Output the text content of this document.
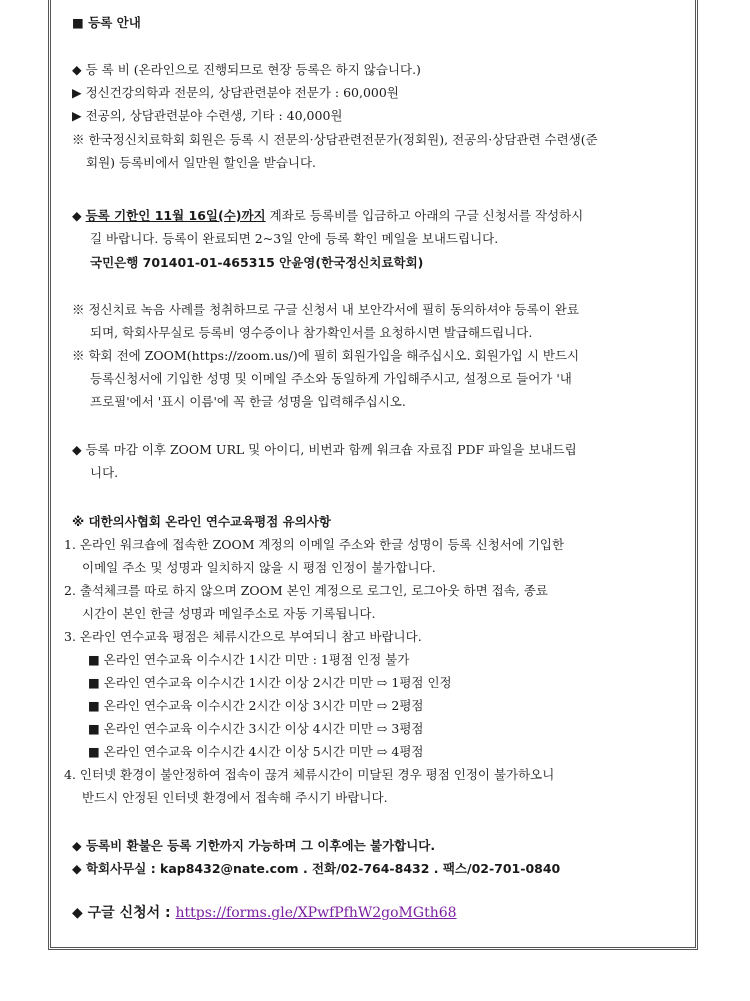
■ 등록 안내
◆ 등 록 비 (온라인으로 진행되므로 현장 등록은 하지 않습니다.)
▶ 정신건강의학과 전문의, 상담관련분야 전문가 : 60,000원
▶ 전공의, 상담관련분야 수련생, 기타 : 40,000원
※ 한국정신치료학회 회원은 등록 시 전문의·상담관련전문가(정회원), 전공의·상담관련 수련생(준
회원) 등록비에서 일만원 할인을 받습니다.
◆ 등록 기한인 11월 16일(수)까지 계좌로 등록비를 입금하고 아래의 구글 신청서를 작성하시
길 바랍니다. 등록이 완료되면 2~3일 안에 등록 확인 메일을 보내드립니다.
국민은행 701401-01-465315 안윤영(한국정신치료학회)
※ 정신치료 녹음 사례를 청취하므로 구글 신청서 내 보안각서에 필히 동의하셔야 등록이 완료
되며, 학회사무실로 등록비 영수증이나 참가확인서를 요청하시면 발급해드립니다.
※ 학회 전에 ZOOM(https://zoom.us/)에 필히 회원가입을 해주십시오. 회원가입 시 반드시
등록신청서에 기입한 성명 및 이메일 주소와 동일하게 가입해주시고, 설정으로 들어가 '내
프로필'에서 '표시 이름'에 꼭 한글 성명을 입력해주십시오.
◆ 등록 마감 이후 ZOOM URL 및 아이디, 비번과 함께 워크숍 자료집 PDF 파일을 보내드립
니다.
※ 대한의사협회 온라인 연수교육평점 유의사항
1. 온라인 워크숍에 접속한 ZOOM 계정의 이메일 주소와 한글 성명이 등록 신청서에 기입한
이메일 주소 및 성명과 일치하지 않을 시 평점 인정이 불가합니다.
2. 출석체크를 따로 하지 않으며 ZOOM 본인 계정으로 로그인, 로그아웃 하면 접속, 종료
시간이 본인 한글 성명과 메일주소로 자동 기록됩니다.
3. 온라인 연수교육 평점은 체류시간으로 부여되니 참고 바랍니다.
■ 온라인 연수교육 이수시간 1시간 미만 : 1평점 인정 불가
■ 온라인 연수교육 이수시간 1시간 이상 2시간 미만 ⇨ 1평점 인정
■ 온라인 연수교육 이수시간 2시간 이상 3시간 미만 ⇨ 2평점
■ 온라인 연수교육 이수시간 3시간 이상 4시간 미만 ⇨ 3평점
■ 온라인 연수교육 이수시간 4시간 이상 5시간 미만 ⇨ 4평점
4. 인터넷 환경이 불안정하여 접속이 끊겨 체류시간이 미달된 경우 평점 인정이 불가하오니
반드시 안정된 인터넷 환경에서 접속해 주시기 바랍니다.
◆ 등록비 환불은 등록 기한까지 가능하며 그 이후에는 불가합니다.
◆ 학회사무실 : kap8432@nate.com . 전화/02-764-8432 . 팩스/02-701-0840
◆ 구글 신청서 : https://forms.gle/XPwfPfhW2goMGth68
